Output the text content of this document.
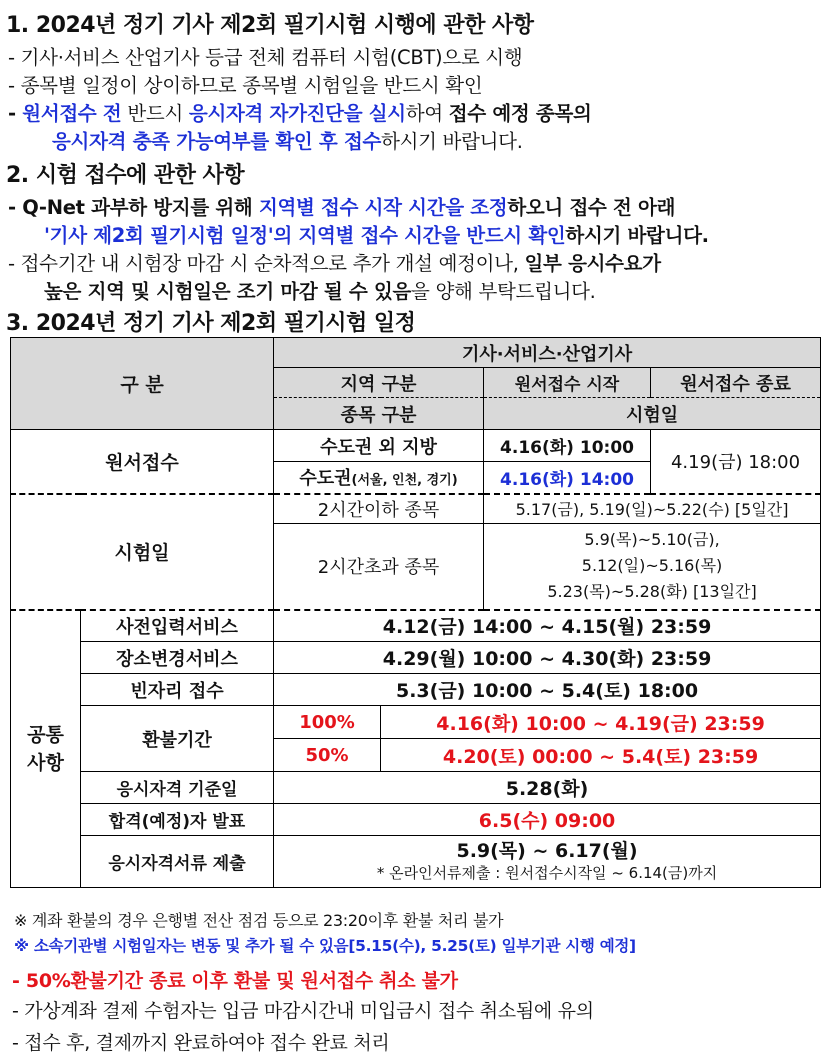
1. 2024년 정기 기사 제2회 필기시험 시행에 관한 사항
- 기사·서비스 산업기사 등급 전체 컴퓨터 시험(CBT)으로 시행
- 종목별 일정이 상이하므로 종목별 시험일을 반드시 확인
- 원서접수 전 반드시 응시자격 자가진단을 실시하여 접수 예정 종목의
응시자격 충족 가능여부를 확인 후 접수하시기 바랍니다.
2. 시험 접수에 관한 사항
- Q-Net 과부하 방지를 위해 지역별 접수 시작 시간을 조정하오니 접수 전 아래
'기사 제2회 필기시험 일정'의 지역별 접수 시간을 반드시 확인하시기 바랍니다.
- 접수기간 내 시험장 마감 시 순차적으로 추가 개설 예정이나, 일부 응시수요가
높은 지역 및 시험일은 조기 마감 될 수 있음을 양해 부탁드립니다.
3. 2024년 정기 기사 제2회 필기시험 일정
구 분		기사·서비스·산업기사			
		지역 구분		원서접수 시작	원서접수 종료
		종목 구분		시험일	
원서접수		수도권 외 지방		4.16(화) 10:00	4.19(금) 18:00
		수도권(서울, 인천, 경기)		4.16(화) 14:00	
시험일		2시간이하 종목		5.17(금), 5.19(일)~5.22(수) [5일간]	
		2시간초과 종목		5.9(목)~5.10(금),
5.12(일)~5.16(목)
5.23(목)~5.28(화) [13일간]	

공통
사항	사전입력서비스	4.12(금) 14:00 ~ 4.15(월) 23:59			
	장소변경서비스	4.29(월) 10:00 ~ 4.30(화) 23:59			
	빈자리 접수	5.3(금) 10:00 ~ 5.4(토) 18:00			
	환불기간	100%	4.16(화) 10:00 ~ 4.19(금) 23:59		
		50%	4.20(토) 00:00 ~ 5.4(토) 23:59		
	응시자격 기준일	5.28(화)			
	합격(예정)자 발표	6.5(수) 09:00			
	응시자격서류 제출	5.9(목) ~ 6.17(월)
* 온라인서류제출 : 원서접수시작일 ~ 6.14(금)까지			
※ 계좌 환불의 경우 은행별 전산 점검 등으로 23:20이후 환불 처리 불가
※ 소속기관별 시험일자는 변동 및 추가 될 수 있음[5.15(수), 5.25(토) 일부기관 시행 예정]
- 50%환불기간 종료 이후 환불 및 원서접수 취소 불가
- 가상계좌 결제 수험자는 입금 마감시간내 미입금시 접수 취소됨에 유의
- 접수 후, 결제까지 완료하여야 접수 완료 처리
